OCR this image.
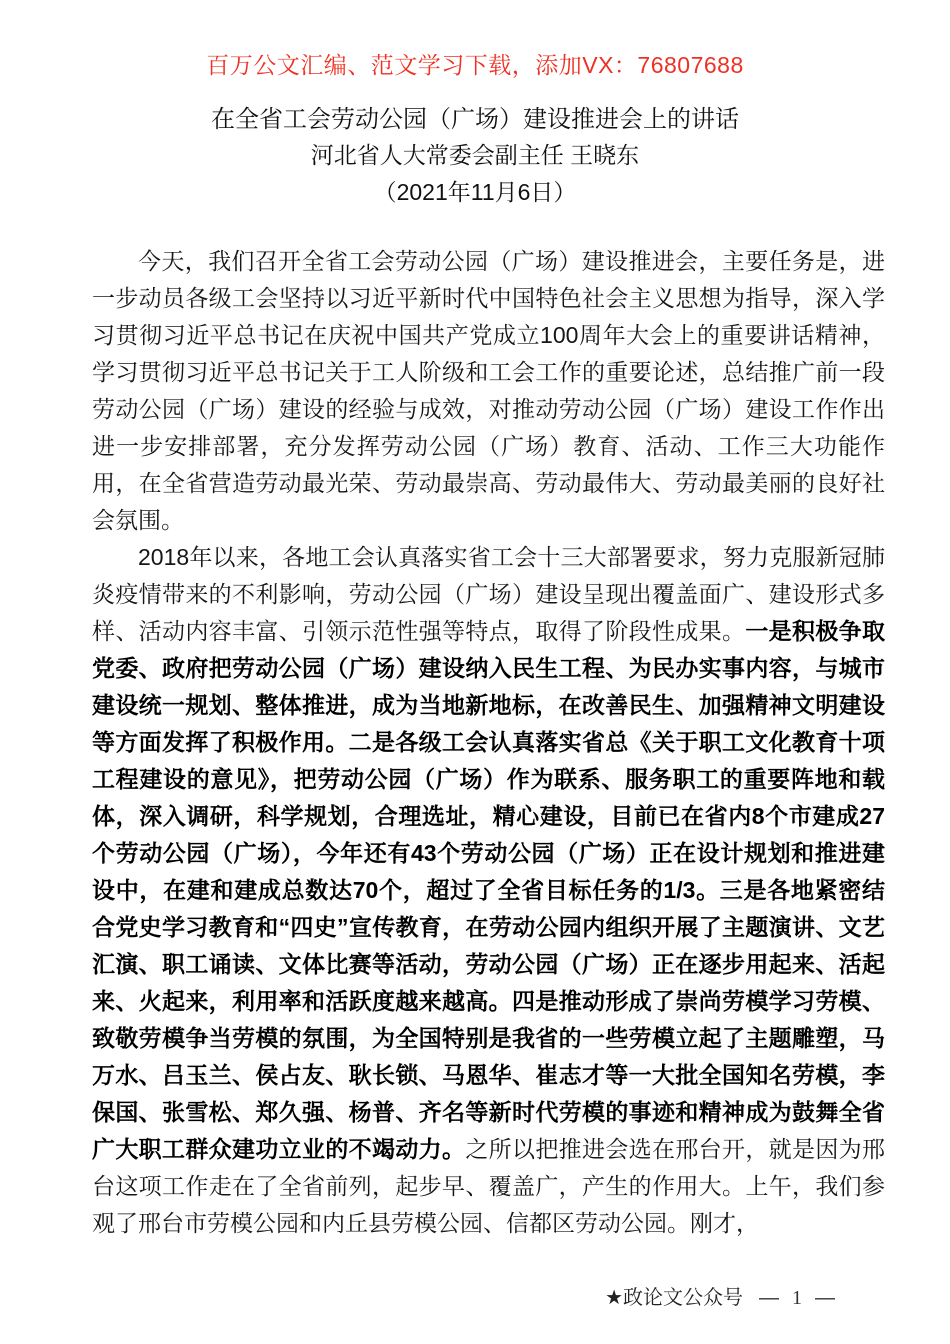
百万公文汇编、范文学习下载，添加VX：76807688
在全省工会劳动公园（广场）建设推进会上的讲话
河北省人大常委会副主任 王晓东
（2021年11月6日）

今天，我们召开全省工会劳动公园（广场）建设推进会，主要任务是，进一步动员各级工会坚持以习近平新时代中国特色社会主义思想为指导，深入学习贯彻习近平总书记在庆祝中国共产党成立100周年大会上的重要讲话精神，学习贯彻习近平总书记关于工人阶级和工会工作的重要论述，总结推广前一段劳动公园（广场）建设的经验与成效，对推动劳动公园（广场）建设工作作出进一步安排部署，充分发挥劳动公园（广场）教育、活动、工作三大功能作用，在全省营造劳动最光荣、劳动最崇高、劳动最伟大、劳动最美丽的良好社会氛围。

2018年以来，各地工会认真落实省工会十三大部署要求，努力克服新冠肺炎疫情带来的不利影响，劳动公园（广场）建设呈现出覆盖面广、建设形式多样、活动内容丰富、引领示范性强等特点，取得了阶段性成果。一是积极争取党委、政府把劳动公园（广场）建设纳入民生工程、为民办实事内容，与城市建设统一规划、整体推进，成为当地新地标，在改善民生、加强精神文明建设等方面发挥了积极作用。二是各级工会认真落实省总《关于职工文化教育十项工程建设的意见》，把劳动公园（广场）作为联系、服务职工的重要阵地和载体，深入调研，科学规划，合理选址，精心建设，目前已在省内8个市建成27个劳动公园（广场），今年还有43个劳动公园（广场）正在设计规划和推进建设中，在建和建成总数达70个，超过了全省目标任务的1/3。三是各地紧密结合党史学习教育和“四史”宣传教育，在劳动公园内组织开展了主题演讲、文艺汇演、职工诵读、文体比赛等活动，劳动公园（广场）正在逐步用起来、活起来、火起来，利用率和活跃度越来越高。四是推动形成了崇尚劳模学习劳模、致敬劳模争当劳模的氛围，为全国特别是我省的一些劳模立起了主题雕塑，马万水、吕玉兰、侯占友、耿长锁、马恩华、崔志才等一大批全国知名劳模，李保国、张雪松、郑久强、杨普、齐名等新时代劳模的事迹和精神成为鼓舞全省广大职工群众建功立业的不竭动力。之所以把推进会选在邢台开，就是因为邢台这项工作走在了全省前列，起步早、覆盖广，产生的作用大。上午，我们参观了邢台市劳模公园和内丘县劳模公园、信都区劳动公园。刚才，

★政论文公众号 — 1 —
